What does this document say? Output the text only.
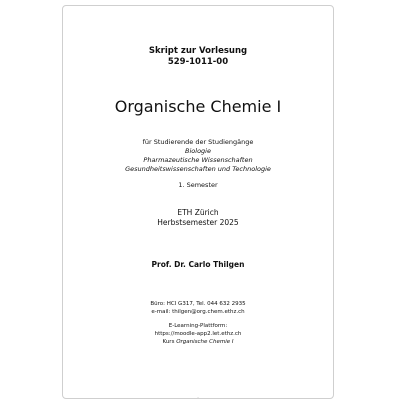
Skript zur Vorlesung
529-1011-00
Organische Chemie I
für Studierende der Studiengänge
Biologie
Pharmazeutische Wissenschaften
Gesundheitswissenschaften und Technologie
1. Semester
ETH Zürich
Herbstsemester 2025
Prof. Dr. Carlo Thilgen
Büro: HCI G317, Tel. 044 632 2935
e-mail: thilgen@org.chem.ethz.ch
E-Learning-Plattform:
https://moodle-app2.let.ethz.ch
Kurs Organische Chemie I
·
